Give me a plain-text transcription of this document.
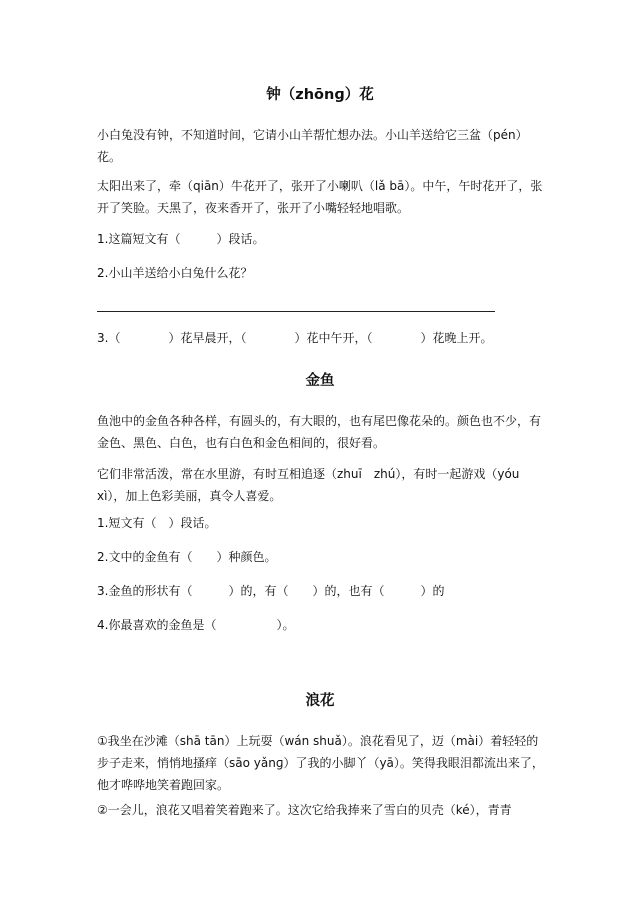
钟（zhōnɡ）花

小白兔没有钟，不知道时间，它请小山羊帮忙想办法。小山羊送给它三盆（pén）花。

太阳出来了，牵（qiān）牛花开了，张开了小喇叭（lǎ bā）。中午，午时花开了，张开了笑脸。天黑了，夜来香开了，张开了小嘴轻轻地唱歌。

1.这篇短文有（　　　）段话。

2.小山羊送给小白兔什么花？

3.（　　　　）花早晨开，（　　　　）花中午开，（　　　　）花晚上开。

金鱼

鱼池中的金鱼各种各样，有圆头的，有大眼的，也有尾巴像花朵的。颜色也不少，有金色、黑色、白色，也有白色和金色相间的，很好看。

它们非常活泼，常在水里游，有时互相追逐（zhuī　zhú），有时一起游戏（yóu xì），加上色彩美丽，真令人喜爱。

1.短文有（　）段话。

2.文中的金鱼有（　　）种颜色。

3.金鱼的形状有（　　　）的，有（　　）的，也有（　　　）的

4.你最喜欢的金鱼是（　　　　　）。

浪花

①我坐在沙滩（shā tān）上玩耍（wán shuǎ）。浪花看见了，迈（mài）着轻轻的步子走来，悄悄地搔痒（sāo yǎnɡ）了我的小脚丫（yā）。笑得我眼泪都流出来了，他才哗哗地笑着跑回家。

②一会儿，浪花又唱着笑着跑来了。这次它给我捧来了雪白的贝壳（ké），青青
